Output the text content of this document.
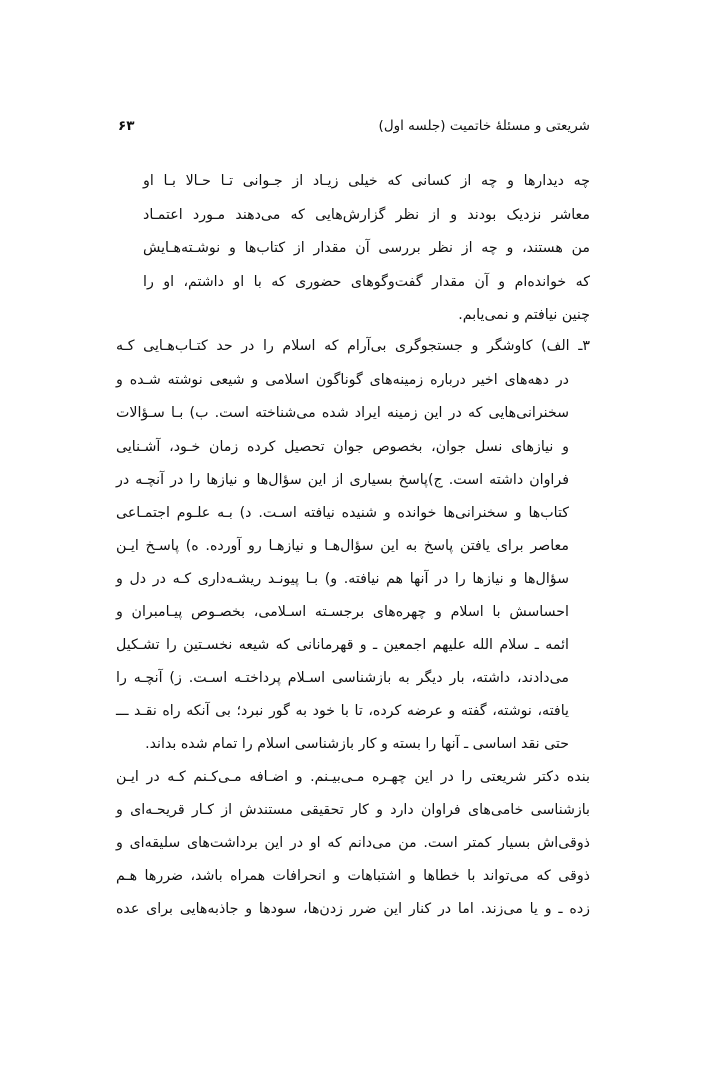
شریعتی و مسئلهٔ خاتمیت (جلسه اول)
۶۳
چه دیدارها و چه از کسانی که خیلی زیـاد از جـوانی تـا حـالا بـا او
معاشر نزدیک بودند و از نظر گزارش‌هایی که می‌دهند مـورد اعتمـاد
من هستند، و چه از نظر بررسی آن مقدار از کتاب‌ها و نوشـته‌هـایش
که خوانده‌ام و آن مقدار گفت‌وگوهای حضوری که با او داشتم، او را
چنین نیافتم و نمی‌یابم.
۳ـ الف) کاوشگر و جستجوگری بی‌آرام که اسلام را در حد کتـاب‌هـایی کـه
در دهه‌های اخیر درباره زمینه‌های گوناگون اسلامی و شیعی نوشته شـده و
سخنرانی‌هایی که در این زمینه ایراد شده می‌شناخته است. ب) بـا سـؤالات
و نیازهای نسل جوان، بخصوص جوان تحصیل کرده زمان خـود، آشـنایی
فراوان داشته است. ج)پاسخ بسیاری از این سؤال‌ها و نیازها را در آنچـه در
کتاب‌ها و سخنرانی‌ها خوانده و شنیده نیافته اسـت. د) بـه علـوم اجتمـاعی
معاصر برای یافتن پاسخ به این سؤال‌هـا و نیازهـا رو آورده. ه) پاسـخ ایـن
سؤال‌ها و نیازها را در آنها هم نیافته. و) بـا پیونـد ریشـه‌داری کـه در دل و
احساسش با اسلام و چهره‌های برجسـته اسـلامی، بخصـوص پیـامبران و
ائمه ـ سلام الله علیهم اجمعین ـ و قهرمانانی که شیعه نخسـتین را تشـکیل
می‌دادند، داشته، بار دیگر به بازشناسی اسـلام پرداختـه اسـت. ز) آنچـه را
یافته، نوشته، گفته و عرضه کرده، تا با خود به گور نبرد؛ بی آنکه راه نقـد ـــ
حتی نقد اساسی ـ آنها را بسته و کار بازشناسی اسلام را تمام شده بداند.
بنده دکتر شریعتی را در این چهـره مـی‌بیـنم. و اضـافه مـی‌کـنم کـه در ایـن
بازشناسی خامی‌های فراوان دارد و کار تحقیقی مستندش از کـار قریحـه‌ای و
ذوقی‌اش بسیار کمتر است. من می‌دانم که او در این برداشت‌های سلیقه‌ای و
ذوقی که می‌تواند با خطاها و اشتباهات و انحرافات همراه باشد، ضررها هـم
زده ـ و یا می‌زند. اما در کنار این ضرر زدن‌ها، سودها و جاذبه‌هایی برای عده
